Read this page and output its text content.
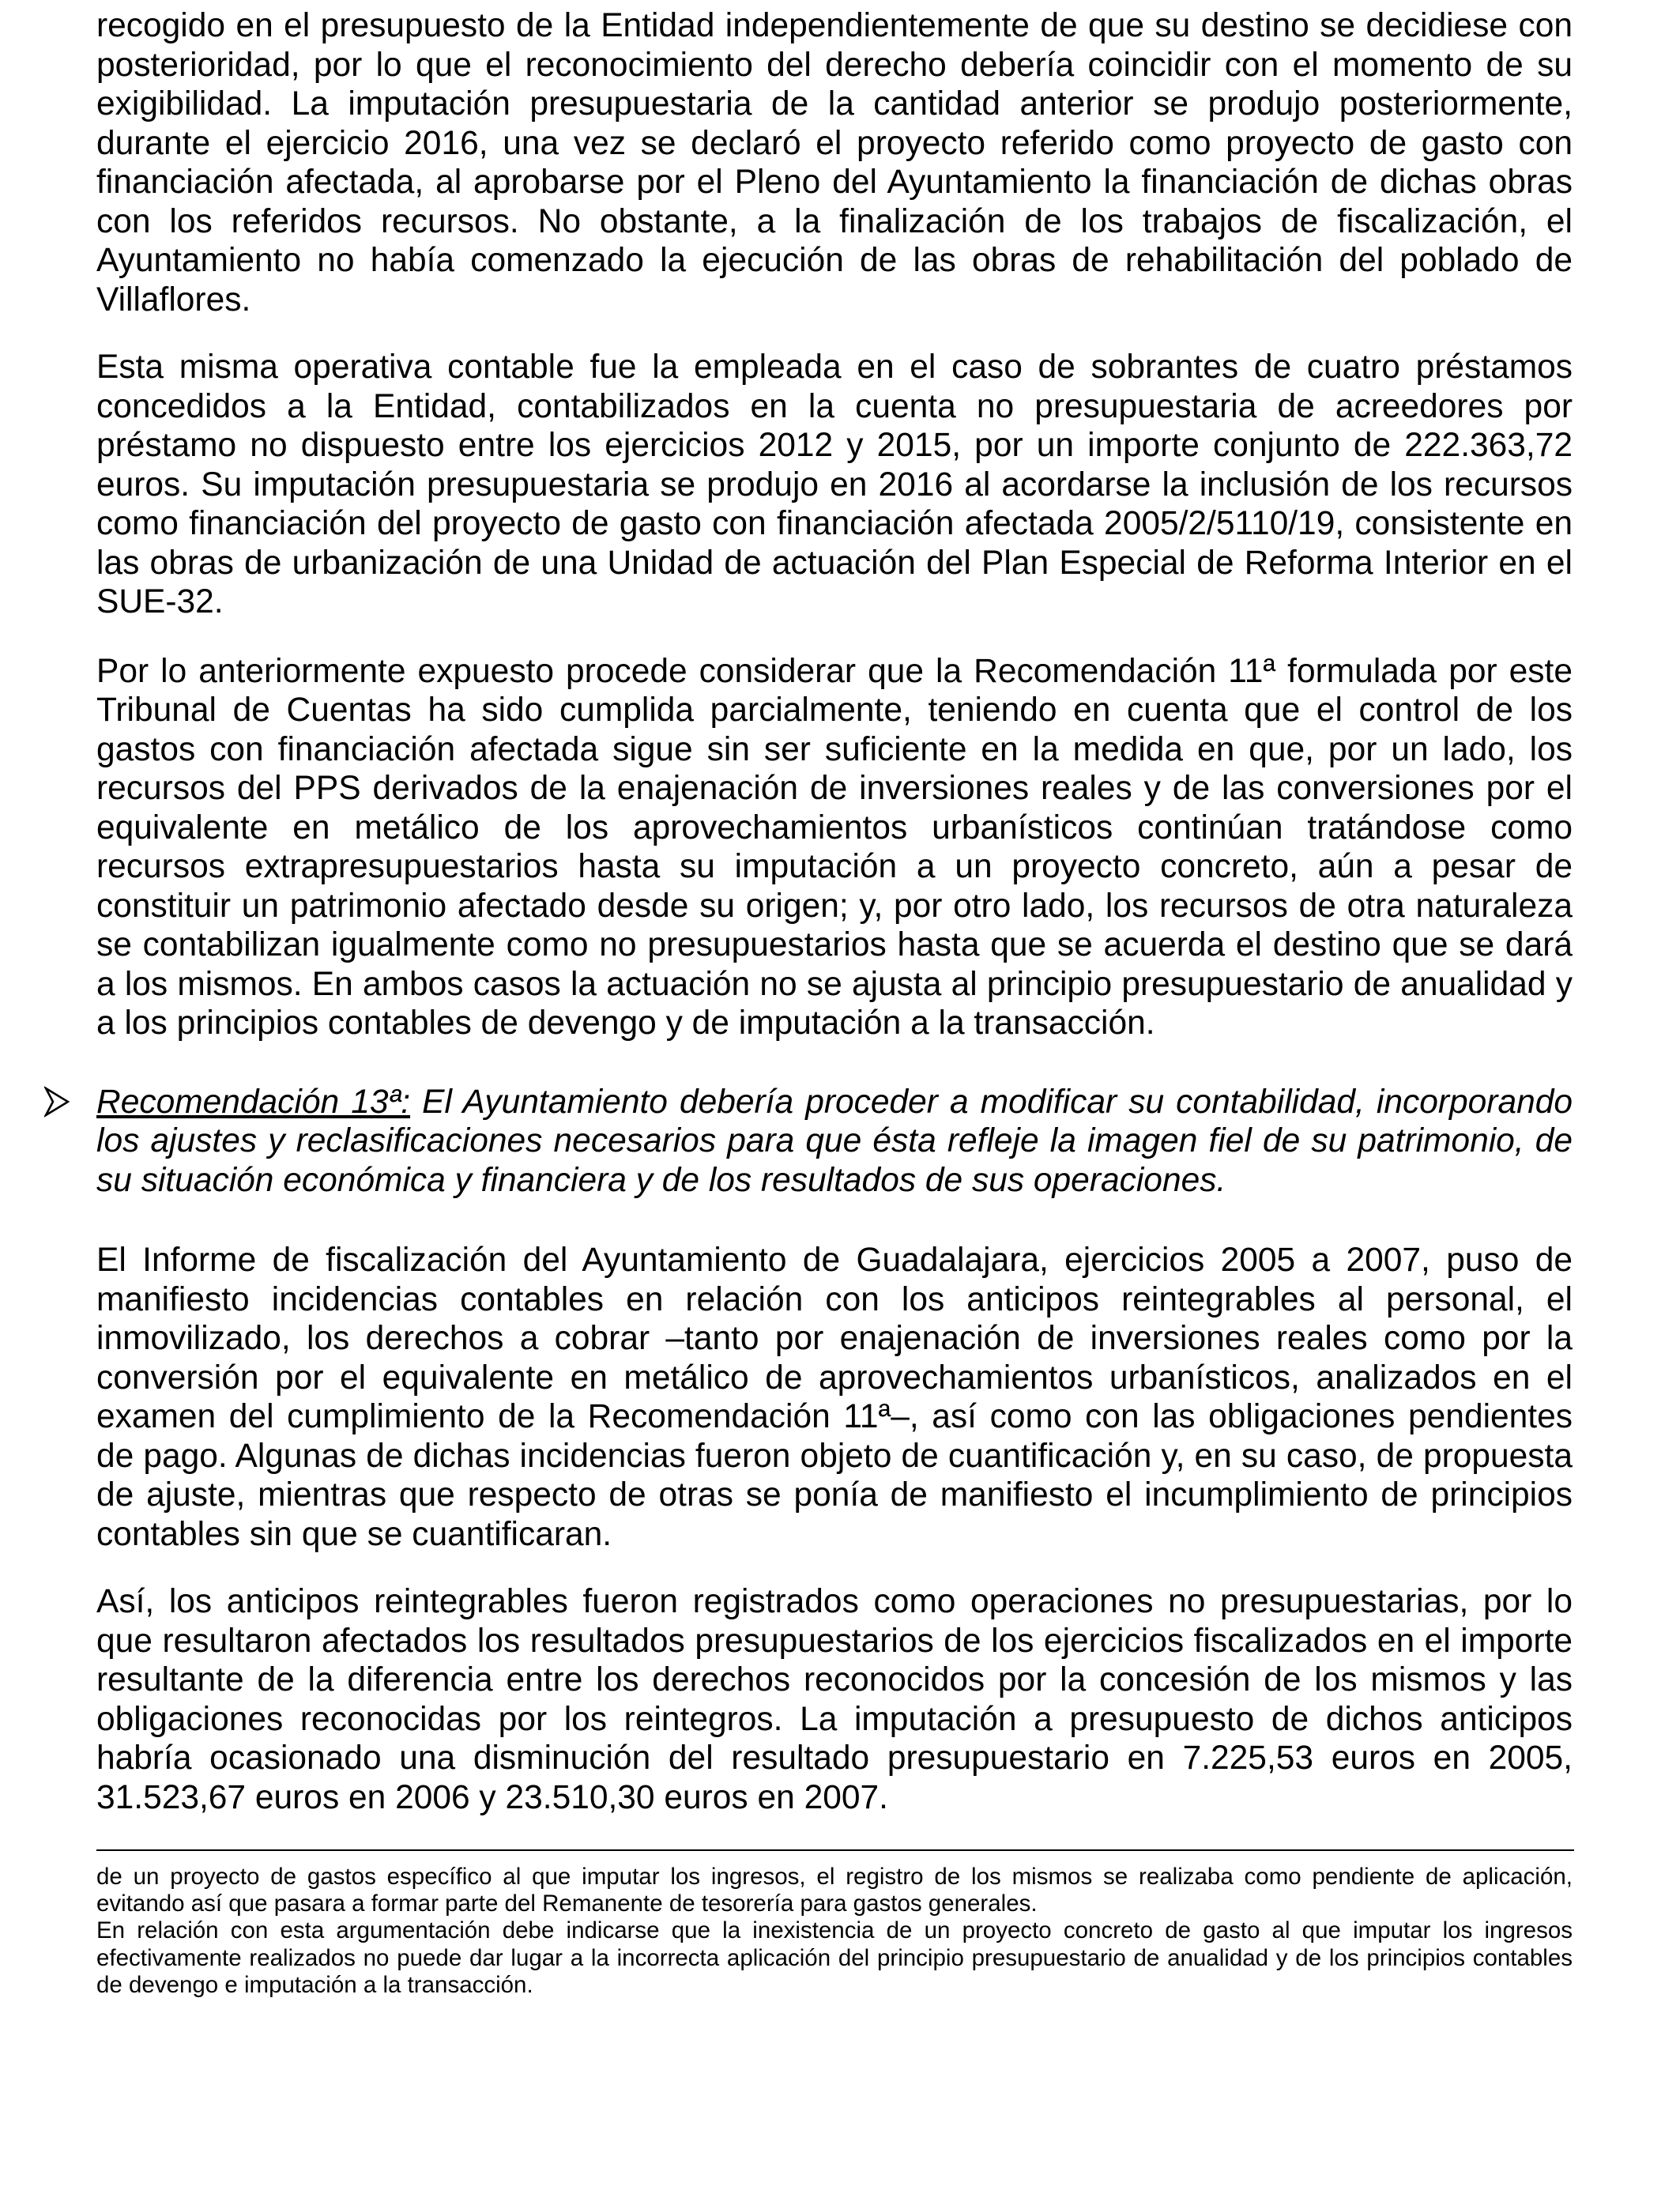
recogido en el presupuesto de la Entidad independientemente de que su destino se decidiese con posterioridad, por lo que el reconocimiento del derecho debería coincidir con el momento de su exigibilidad. La imputación presupuestaria de la cantidad anterior se produjo posteriormente, durante el ejercicio 2016, una vez se declaró el proyecto referido como proyecto de gasto con financiación afectada, al aprobarse por el Pleno del Ayuntamiento la financiación de dichas obras con los referidos recursos. No obstante, a la finalización de los trabajos de fiscalización, el Ayuntamiento no había comenzado la ejecución de las obras de rehabilitación del poblado de Villaflores.

Esta misma operativa contable fue la empleada en el caso de sobrantes de cuatro préstamos concedidos a la Entidad, contabilizados en la cuenta no presupuestaria de acreedores por préstamo no dispuesto entre los ejercicios 2012 y 2015, por un importe conjunto de 222.363,72 euros. Su imputación presupuestaria se produjo en 2016 al acordarse la inclusión de los recursos como financiación del proyecto de gasto con financiación afectada 2005/2/5110/19, consistente en las obras de urbanización de una Unidad de actuación del Plan Especial de Reforma Interior en el SUE-32.

Por lo anteriormente expuesto procede considerar que la Recomendación 11ª formulada por este Tribunal de Cuentas ha sido cumplida parcialmente, teniendo en cuenta que el control de los gastos con financiación afectada sigue sin ser suficiente en la medida en que, por un lado, los recursos del PPS derivados de la enajenación de inversiones reales y de las conversiones por el equivalente en metálico de los aprovechamientos urbanísticos continúan tratándose como recursos extrapresupuestarios hasta su imputación a un proyecto concreto, aún a pesar de constituir un patrimonio afectado desde su origen; y, por otro lado, los recursos de otra naturaleza se contabilizan igualmente como no presupuestarios hasta que se acuerda el destino que se dará a los mismos. En ambos casos la actuación no se ajusta al principio presupuestario de anualidad y a los principios contables de devengo y de imputación a la transacción.

Recomendación 13ª: El Ayuntamiento debería proceder a modificar su contabilidad, incorporando los ajustes y reclasificaciones necesarios para que ésta refleje la imagen fiel de su patrimonio, de su situación económica y financiera y de los resultados de sus operaciones.

El Informe de fiscalización del Ayuntamiento de Guadalajara, ejercicios 2005 a 2007, puso de manifiesto incidencias contables en relación con los anticipos reintegrables al personal, el inmovilizado, los derechos a cobrar –tanto por enajenación de inversiones reales como por la conversión por el equivalente en metálico de aprovechamientos urbanísticos, analizados en el examen del cumplimiento de la Recomendación 11ª–, así como con las obligaciones pendientes de pago. Algunas de dichas incidencias fueron objeto de cuantificación y, en su caso, de propuesta de ajuste, mientras que respecto de otras se ponía de manifiesto el incumplimiento de principios contables sin que se cuantificaran.

Así, los anticipos reintegrables fueron registrados como operaciones no presupuestarias, por lo que resultaron afectados los resultados presupuestarios de los ejercicios fiscalizados en el importe resultante de la diferencia entre los derechos reconocidos por la concesión de los mismos y las obligaciones reconocidas por los reintegros. La imputación a presupuesto de dichos anticipos habría ocasionado una disminución del resultado presupuestario en 7.225,53 euros en 2005, 31.523,67 euros en 2006 y 23.510,30 euros en 2007.

de un proyecto de gastos específico al que imputar los ingresos, el registro de los mismos se realizaba como pendiente de aplicación, evitando así que pasara a formar parte del Remanente de tesorería para gastos generales.

En relación con esta argumentación debe indicarse que la inexistencia de un proyecto concreto de gasto al que imputar los ingresos efectivamente realizados no puede dar lugar a la incorrecta aplicación del principio presupuestario de anualidad y de los principios contables de devengo e imputación a la transacción.
